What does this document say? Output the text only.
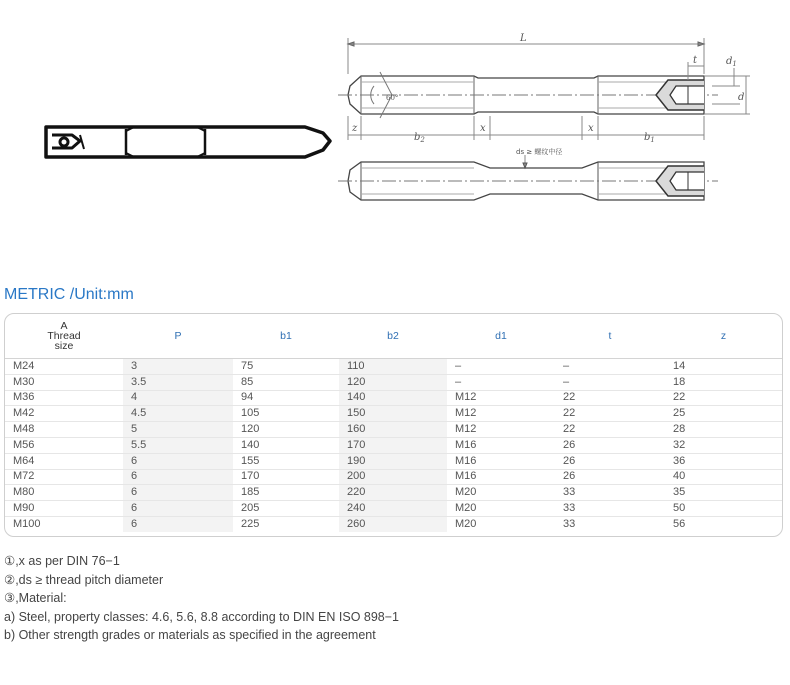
L
t	$d_1$
d
60°
z
$b_2$
x	x
$b_1$
ds ≥ 螺纹中径
METRIC /Unit:mm
A
Thread
size	P	b1	b2	d1	t	z
M24	3	75	110	–	–	14
M30	3.5	85	120	–	–	18
M36	4	94	140	M12	22	22
M42	4.5	105	150	M12	22	25
M48	5	120	160	M12	22	28
M56	5.5	140	170	M16	26	32
M64	6	155	190	M16	26	36
M72	6	170	200	M16	26	40
M80	6	185	220	M20	33	35
M90	6	205	240	M20	33	50
M100	6	225	260	M20	33	56
①,x as per DIN 76−1
②,ds ≥ thread pitch diameter
③,Material:
a) Steel, property classes: 4.6, 5.6, 8.8 according to DIN EN ISO 898−1
b) Other strength grades or materials as specified in the agreement
